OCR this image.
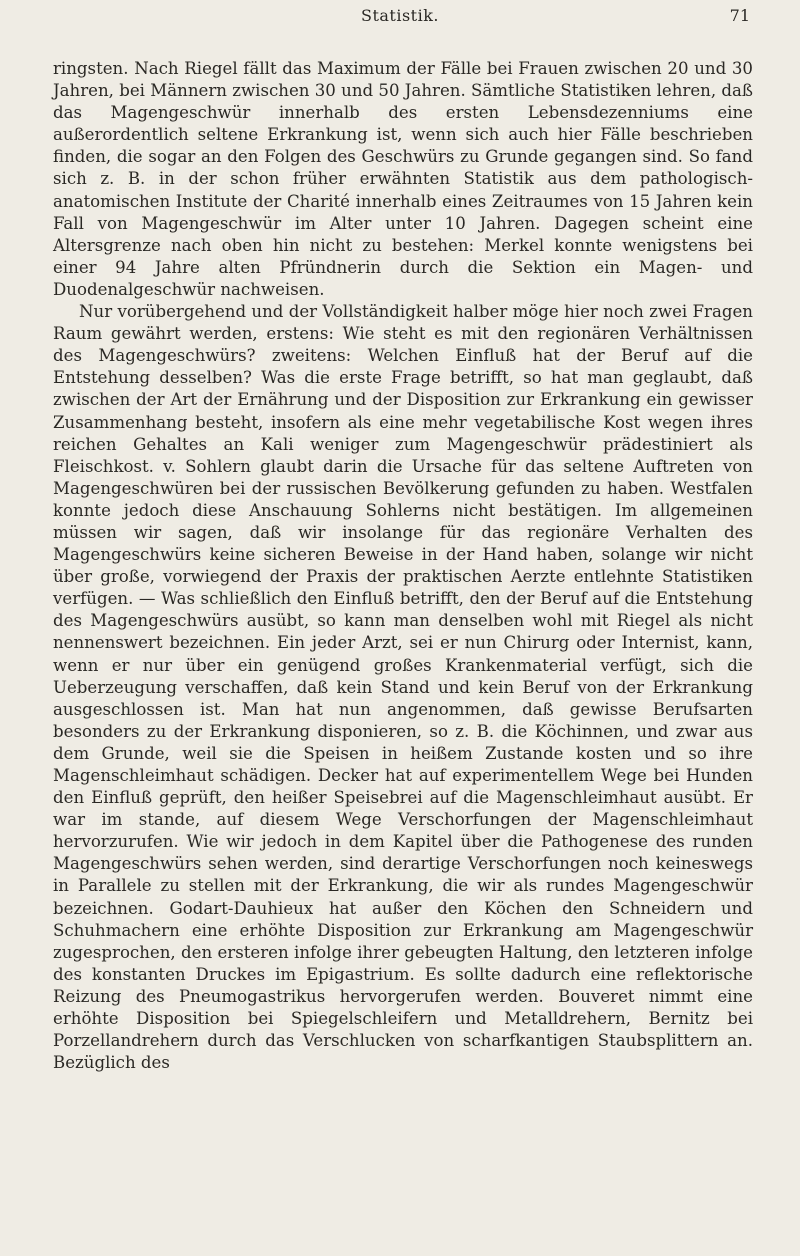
Statistik.	71

ringsten. Nach Riegel fällt das Maximum der Fälle bei Frauen zwischen 20 und 30 Jahren, bei Männern zwischen 30 und 50 Jahren. Sämtliche Statistiken lehren, daß das Magengeschwür innerhalb des ersten Lebensdezenniums eine außerordentlich seltene Erkrankung ist, wenn sich auch hier Fälle beschrieben finden, die sogar an den Folgen des Geschwürs zu Grunde gegangen sind. So fand sich z. B. in der schon früher erwähnten Statistik aus dem pathologisch-anatomischen Institute der Charité innerhalb eines Zeitraumes von 15 Jahren kein Fall von Magengeschwür im Alter unter 10 Jahren. Dagegen scheint eine Altersgrenze nach oben hin nicht zu bestehen: Merkel konnte wenigstens bei einer 94 Jahre alten Pfründnerin durch die Sektion ein Magen- und Duodenalgeschwür nachweisen.

Nur vorübergehend und der Vollständigkeit halber möge hier noch zwei Fragen Raum gewährt werden, erstens: Wie steht es mit den regionären Verhältnissen des Magengeschwürs? zweitens: Welchen Einfluß hat der Beruf auf die Entstehung desselben? Was die erste Frage betrifft, so hat man geglaubt, daß zwischen der Art der Ernährung und der Disposition zur Erkrankung ein gewisser Zusammenhang besteht, insofern als eine mehr vegetabilische Kost wegen ihres reichen Gehaltes an Kali weniger zum Magengeschwür prädestiniert als Fleischkost. v. Sohlern glaubt darin die Ursache für das seltene Auftreten von Magengeschwüren bei der russischen Bevölkerung gefunden zu haben. Westfalen konnte jedoch diese Anschauung Sohlerns nicht bestätigen. Im allgemeinen müssen wir sagen, daß wir insolange für das regionäre Verhalten des Magengeschwürs keine sicheren Beweise in der Hand haben, solange wir nicht über große, vorwiegend der Praxis der praktischen Aerzte entlehnte Statistiken verfügen. — Was schließlich den Einfluß betrifft, den der Beruf auf die Entstehung des Magengeschwürs ausübt, so kann man denselben wohl mit Riegel als nicht nennenswert bezeichnen. Ein jeder Arzt, sei er nun Chirurg oder Internist, kann, wenn er nur über ein genügend großes Krankenmaterial verfügt, sich die Ueberzeugung verschaffen, daß kein Stand und kein Beruf von der Erkrankung ausgeschlossen ist. Man hat nun angenommen, daß gewisse Berufsarten besonders zu der Erkrankung disponieren, so z. B. die Köchinnen, und zwar aus dem Grunde, weil sie die Speisen in heißem Zustande kosten und so ihre Magenschleimhaut schädigen. Decker hat auf experimentellem Wege bei Hunden den Einfluß geprüft, den heißer Speisebrei auf die Magenschleimhaut ausübt. Er war im stande, auf diesem Wege Verschorfungen der Magenschleimhaut hervorzurufen. Wie wir jedoch in dem Kapitel über die Pathogenese des runden Magengeschwürs sehen werden, sind derartige Verschorfungen noch keineswegs in Parallele zu stellen mit der Erkrankung, die wir als rundes Magengeschwür bezeichnen. Godart-Dauhieux hat außer den Köchen den Schneidern und Schuhmachern eine erhöhte Disposition zur Erkrankung am Magengeschwür zugesprochen, den ersteren infolge ihrer gebeugten Haltung, den letzteren infolge des konstanten Druckes im Epigastrium. Es sollte dadurch eine reflektorische Reizung des Pneumogastrikus hervorgerufen werden. Bouveret nimmt eine erhöhte Disposition bei Spiegelschleifern und Metalldrehern, Bernitz bei Porzellandrehern durch das Verschlucken von scharfkantigen Staubsplittern an. Bezüglich des
